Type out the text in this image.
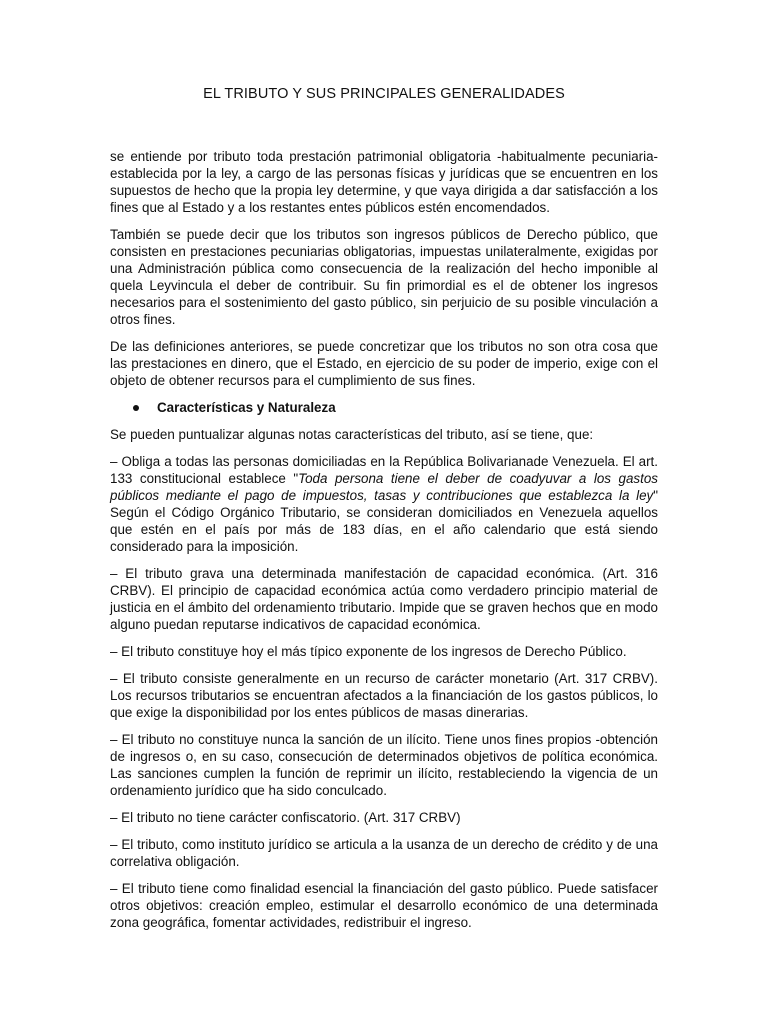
EL TRIBUTO Y SUS PRINCIPALES GENERALIDADES

se entiende por tributo toda prestación patrimonial obligatoria -habitualmente pecuniaria- establecida por la ley, a cargo de las personas físicas y jurídicas que se encuentren en los supuestos de hecho que la propia ley determine, y que vaya dirigida a dar satisfacción a los fines que al Estado y a los restantes entes públicos estén encomendados.

También se puede decir que los tributos son ingresos públicos de Derecho público, que consisten en prestaciones pecuniarias obligatorias, impuestas unilateralmente, exigidas por una Administración pública como consecuencia de la realización del hecho imponible al quela Leyvincula el deber de contribuir. Su fin primordial es el de obtener los ingresos necesarios para el sostenimiento del gasto público, sin perjuicio de su posible vinculación a otros fines.

De las definiciones anteriores, se puede concretizar que los tributos no son otra cosa que las prestaciones en dinero, que el Estado, en ejercicio de su poder de imperio, exige con el objeto de obtener recursos para el cumplimiento de sus fines.

Características y Naturaleza

Se pueden puntualizar algunas notas características del tributo, así se tiene, que:

– Obliga a todas las personas domiciliadas en la República Bolivarianade Venezuela. El art. 133 constitucional establece "Toda persona tiene el deber de coadyuvar a los gastos públicos mediante el pago de impuestos, tasas y contribuciones que establezca la ley" Según el Código Orgánico Tributario, se consideran domiciliados en Venezuela aquellos que estén en el país por más de 183 días, en el año calendario que está siendo considerado para la imposición.

– El tributo grava una determinada manifestación de capacidad económica. (Art. 316 CRBV). El principio de capacidad económica actúa como verdadero principio material de justicia en el ámbito del ordenamiento tributario. Impide que se graven hechos que en modo alguno puedan reputarse indicativos de capacidad económica.

– El tributo constituye hoy el más típico exponente de los ingresos de Derecho Público.

– El tributo consiste generalmente en un recurso de carácter monetario (Art. 317 CRBV). Los recursos tributarios se encuentran afectados a la financiación de los gastos públicos, lo que exige la disponibilidad por los entes públicos de masas dinerarias.

– El tributo no constituye nunca la sanción de un ilícito. Tiene unos fines propios -obtención de ingresos o, en su caso, consecución de determinados objetivos de política económica. Las sanciones cumplen la función de reprimir un ilícito, restableciendo la vigencia de un ordenamiento jurídico que ha sido conculcado.

– El tributo no tiene carácter confiscatorio. (Art. 317 CRBV)

– El tributo, como instituto jurídico se articula a la usanza de un derecho de crédito y de una correlativa obligación.

– El tributo tiene como finalidad esencial la financiación del gasto público. Puede satisfacer otros objetivos: creación empleo, estimular el desarrollo económico de una determinada zona geográfica, fomentar actividades, redistribuir el ingreso.
